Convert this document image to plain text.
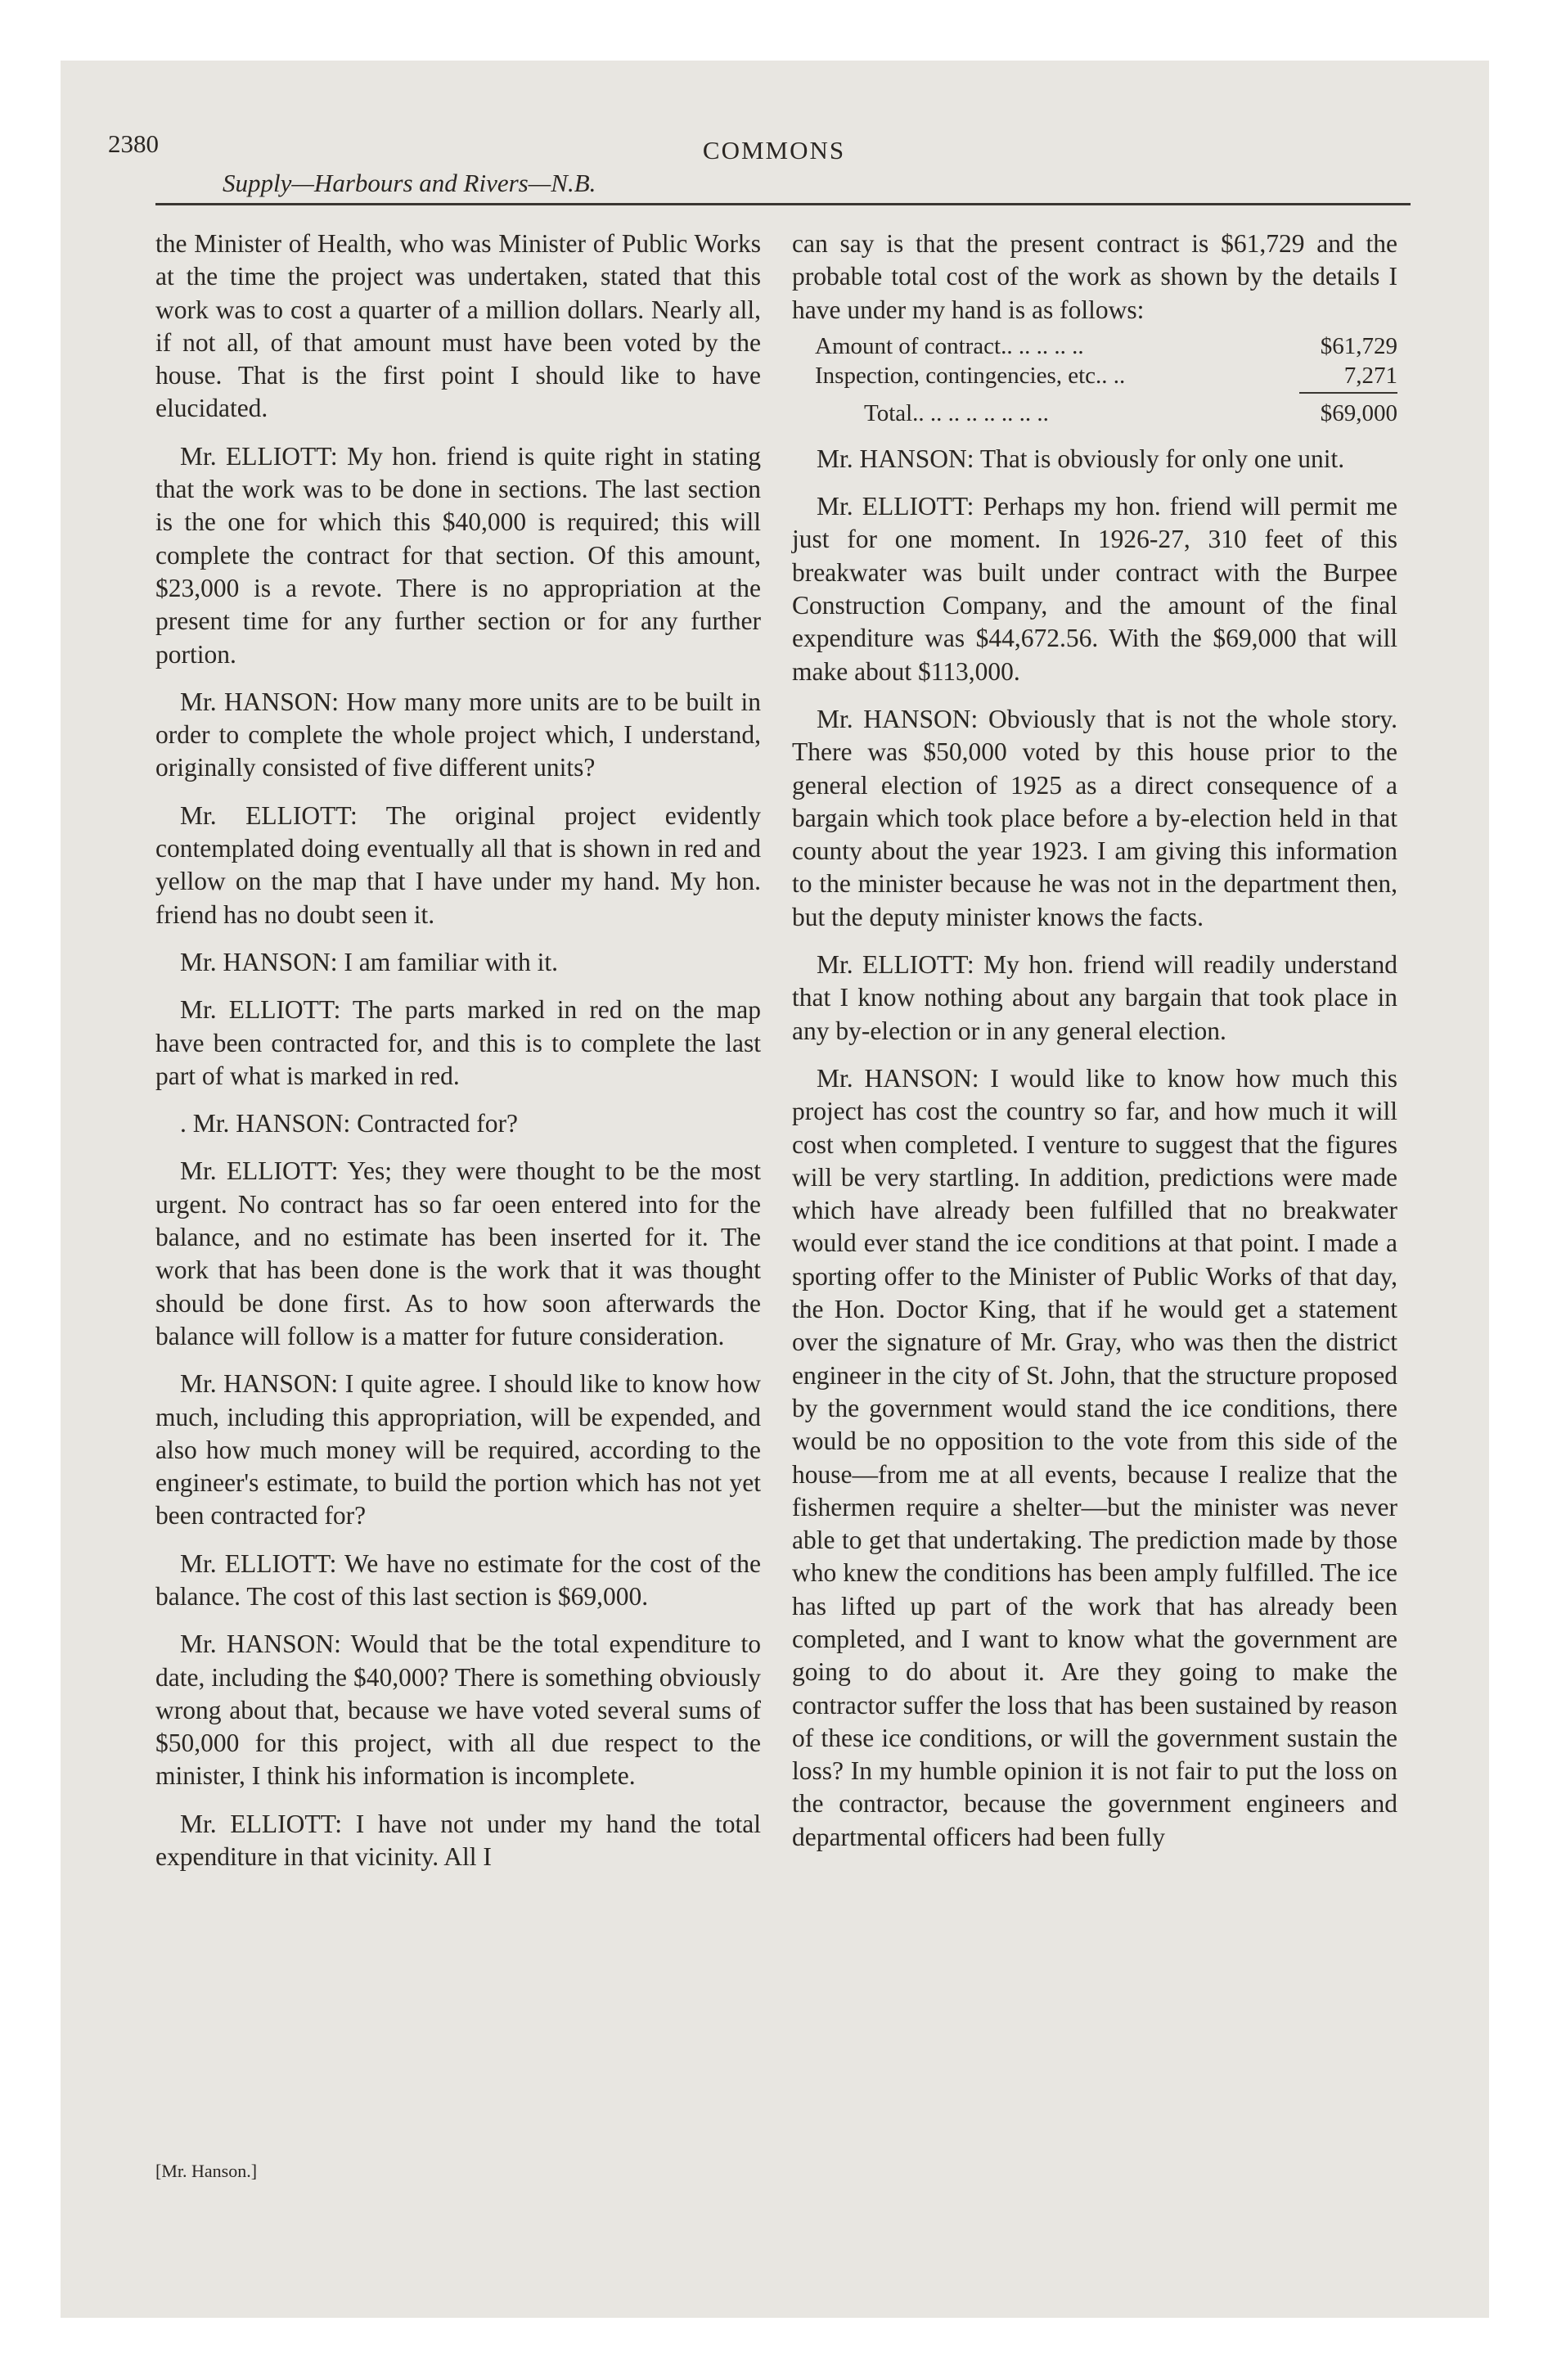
2380	COMMONS
Supply—Harbours and Rivers—N.B.

the Minister of Health, who was Minister of Public Works at the time the project was undertaken, stated that this work was to cost a quarter of a million dollars. Nearly all, if not all, of that amount must have been voted by the house. That is the first point I should like to have elucidated.

Mr. ELLIOTT: My hon. friend is quite right in stating that the work was to be done in sections. The last section is the one for which this $40,000 is required; this will complete the contract for that section. Of this amount, $23,000 is a revote. There is no appropriation at the present time for any further section or for any further portion.

Mr. HANSON: How many more units are to be built in order to complete the whole project which, I understand, originally consisted of five different units?

Mr. ELLIOTT: The original project evidently contemplated doing eventually all that is shown in red and yellow on the map that I have under my hand. My hon. friend has no doubt seen it.

Mr. HANSON: I am familiar with it.

Mr. ELLIOTT: The parts marked in red on the map have been contracted for, and this is to complete the last part of what is marked in red.

. Mr. HANSON: Contracted for?

Mr. ELLIOTT: Yes; they were thought to be the most urgent. No contract has so far oeen entered into for the balance, and no estimate has been inserted for it. The work that has been done is the work that it was thought should be done first. As to how soon afterwards the balance will follow is a matter for future consideration.

Mr. HANSON: I quite agree. I should like to know how much, including this appropriation, will be expended, and also how much money will be required, according to the engineer's estimate, to build the portion which has not yet been contracted for?

Mr. ELLIOTT: We have no estimate for the cost of the balance. The cost of this last section is $69,000.

Mr. HANSON: Would that be the total expenditure to date, including the $40,000? There is something obviously wrong about that, because we have voted several sums of $50,000 for this project, with all due respect to the minister, I think his information is incomplete.

Mr. ELLIOTT: I have not under my hand the total expenditure in that vicinity. All I

can say is that the present contract is $61,729 and the probable total cost of the work as shown by the details I have under my hand is as follows:

Amount of contract.. .. .. .. ..	$61,729
Inspection, contingencies, etc.. ..	7,271
Total.. .. .. .. .. .. .. ..	$69,000

Mr. HANSON: That is obviously for only one unit.

Mr. ELLIOTT: Perhaps my hon. friend will permit me just for one moment. In 1926-27, 310 feet of this breakwater was built under contract with the Burpee Construction Company, and the amount of the final expenditure was $44,672.56. With the $69,000 that will make about $113,000.

Mr. HANSON: Obviously that is not the whole story. There was $50,000 voted by this house prior to the general election of 1925 as a direct consequence of a bargain which took place before a by-election held in that county about the year 1923. I am giving this information to the minister because he was not in the department then, but the deputy minister knows the facts.

Mr. ELLIOTT: My hon. friend will readily understand that I know nothing about any bargain that took place in any by-election or in any general election.

Mr. HANSON: I would like to know how much this project has cost the country so far, and how much it will cost when completed. I venture to suggest that the figures will be very startling. In addition, predictions were made which have already been fulfilled that no breakwater would ever stand the ice conditions at that point. I made a sporting offer to the Minister of Public Works of that day, the Hon. Doctor King, that if he would get a statement over the signature of Mr. Gray, who was then the district engineer in the city of St. John, that the structure proposed by the government would stand the ice conditions, there would be no opposition to the vote from this side of the house—from me at all events, because I realize that the fishermen require a shelter—but the minister was never able to get that undertaking. The prediction made by those who knew the conditions has been amply fulfilled. The ice has lifted up part of the work that has already been completed, and I want to know what the government are going to do about it. Are they going to make the contractor suffer the loss that has been sustained by reason of these ice conditions, or will the government sustain the loss? In my humble opinion it is not fair to put the loss on the contractor, because the government engineers and departmental officers had been fully

[Mr. Hanson.]
